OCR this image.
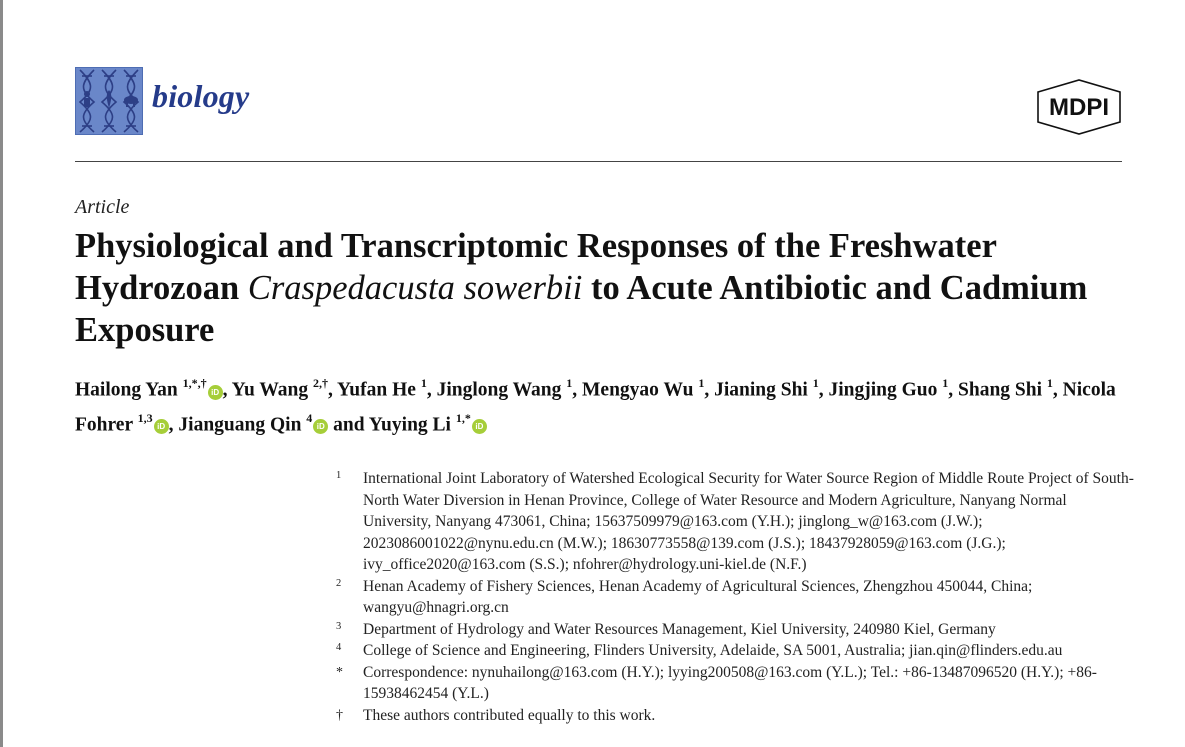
biology	MDPI
Article
Physiological and Transcriptomic Responses of the Freshwater Hydrozoan Craspedacusta sowerbii to Acute Antibiotic and Cadmium Exposure
Hailong Yan $^{1,*,\dagger}$iD , Yu Wang $^{2,\dagger}$, Yufan He $^1$, Jinglong Wang $^1$, Mengyao Wu $^1$, Jianing Shi $^1$, Jingjing Guo $^1$, Shang Shi $^1$, Nicola Fohrer $^{1,3}$iD , Jianguang Qin $^4$iD and Yuying Li $^{1,*}$iD
1 International Joint Laboratory of Watershed Ecological Security for Water Source Region of Middle Route Project of South-North Water Diversion in Henan Province, College of Water Resource and Modern Agriculture, Nanyang Normal University, Nanyang 473061, China; 15637509979@163.com (Y.H.); jinglong_w@163.com (J.W.); 2023086001022@nynu.edu.cn (M.W.); 18630773558@139.com (J.S.); 18437928059@163.com (J.G.); ivy_office2020@163.com (S.S.); nfohrer@hydrology.uni-kiel.de (N.F.)
2 Henan Academy of Fishery Sciences, Henan Academy of Agricultural Sciences, Zhengzhou 450044, China; wangyu@hnagri.org.cn
3 Department of Hydrology and Water Resources Management, Kiel University, 240980 Kiel, Germany
4 College of Science and Engineering, Flinders University, Adelaide, SA 5001, Australia; jian.qin@flinders.edu.au
* Correspondence: nynuhailong@163.com (H.Y.); lyying200508@163.com (Y.L.); Tel.: +86-13487096520 (H.Y.); +86-15938462454 (Y.L.)
† These authors contributed equally to this work.
